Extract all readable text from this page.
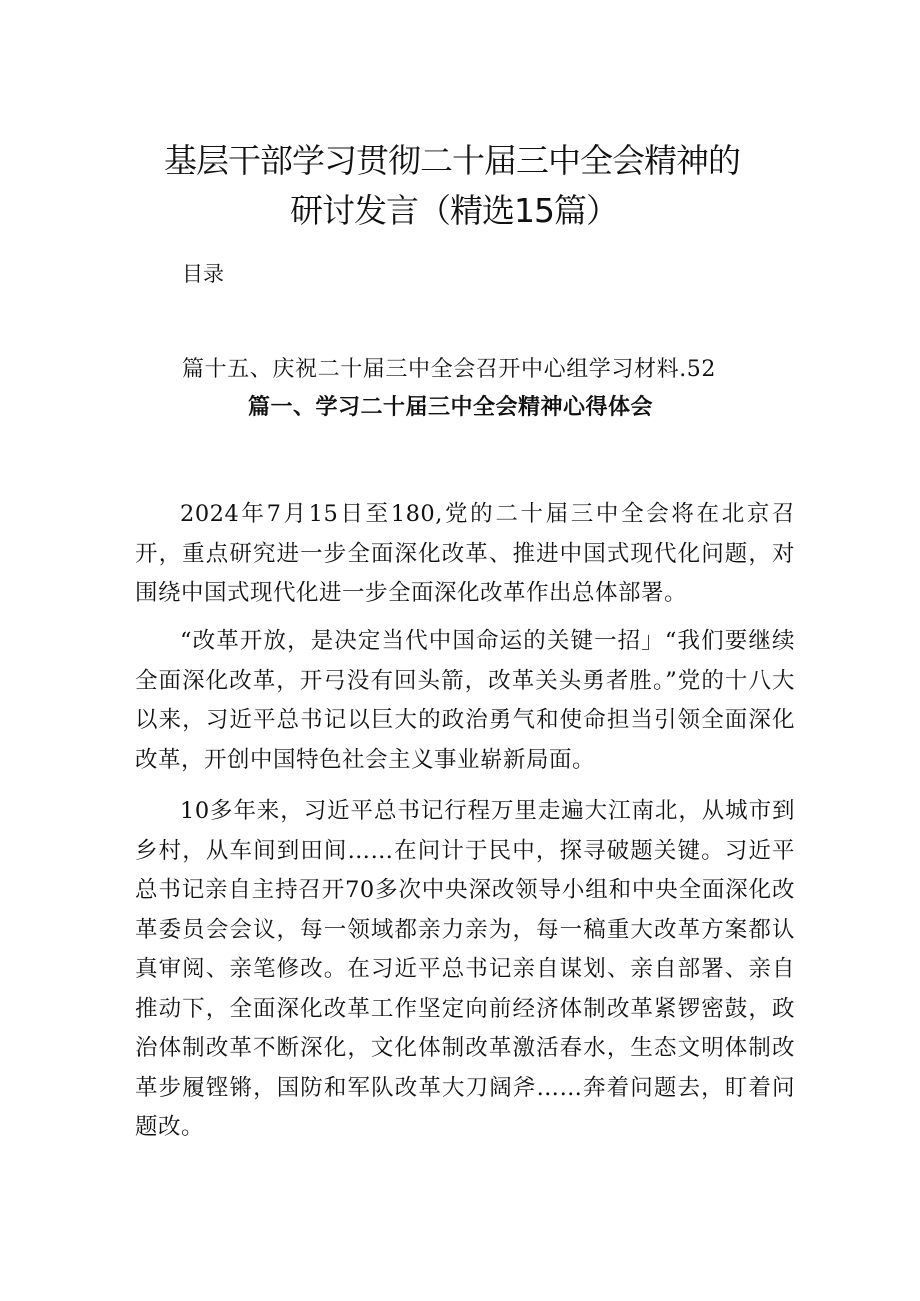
基层干部学习贯彻二十届三中全会精神的
研讨发言（精选15篇）
目录
篇十五、庆祝二十届三中全会召开中心组学习材料.52
篇一、学习二十届三中全会精神心得体会
2024年7月15日至180,党的二十届三中全会将在北京召开，重点研究进一步全面深化改革、推进中国式现代化问题，对围绕中国式现代化进一步全面深化改革作出总体部署。
“改革开放，是决定当代中国命运的关键一招」“我们要继续全面深化改革，开弓没有回头箭，改革关头勇者胜。”党的十八大以来，习近平总书记以巨大的政治勇气和使命担当引领全面深化改革，开创中国特色社会主义事业崭新局面。
10多年来，习近平总书记行程万里走遍大江南北，从城市到乡村，从车间到田间……在问计于民中，探寻破题关键。习近平总书记亲自主持召开70多次中央深改领导小组和中央全面深化改革委员会会议，每一领域都亲力亲为，每一稿重大改革方案都认真审阅、亲笔修改。在习近平总书记亲自谋划、亲自部署、亲自推动下，全面深化改革工作坚定向前经济体制改革紧锣密鼓，政治体制改革不断深化，文化体制改革激活春水，生态文明体制改革步履铿锵，国防和军队改革大刀阔斧……奔着问题去，盯着问题改。
